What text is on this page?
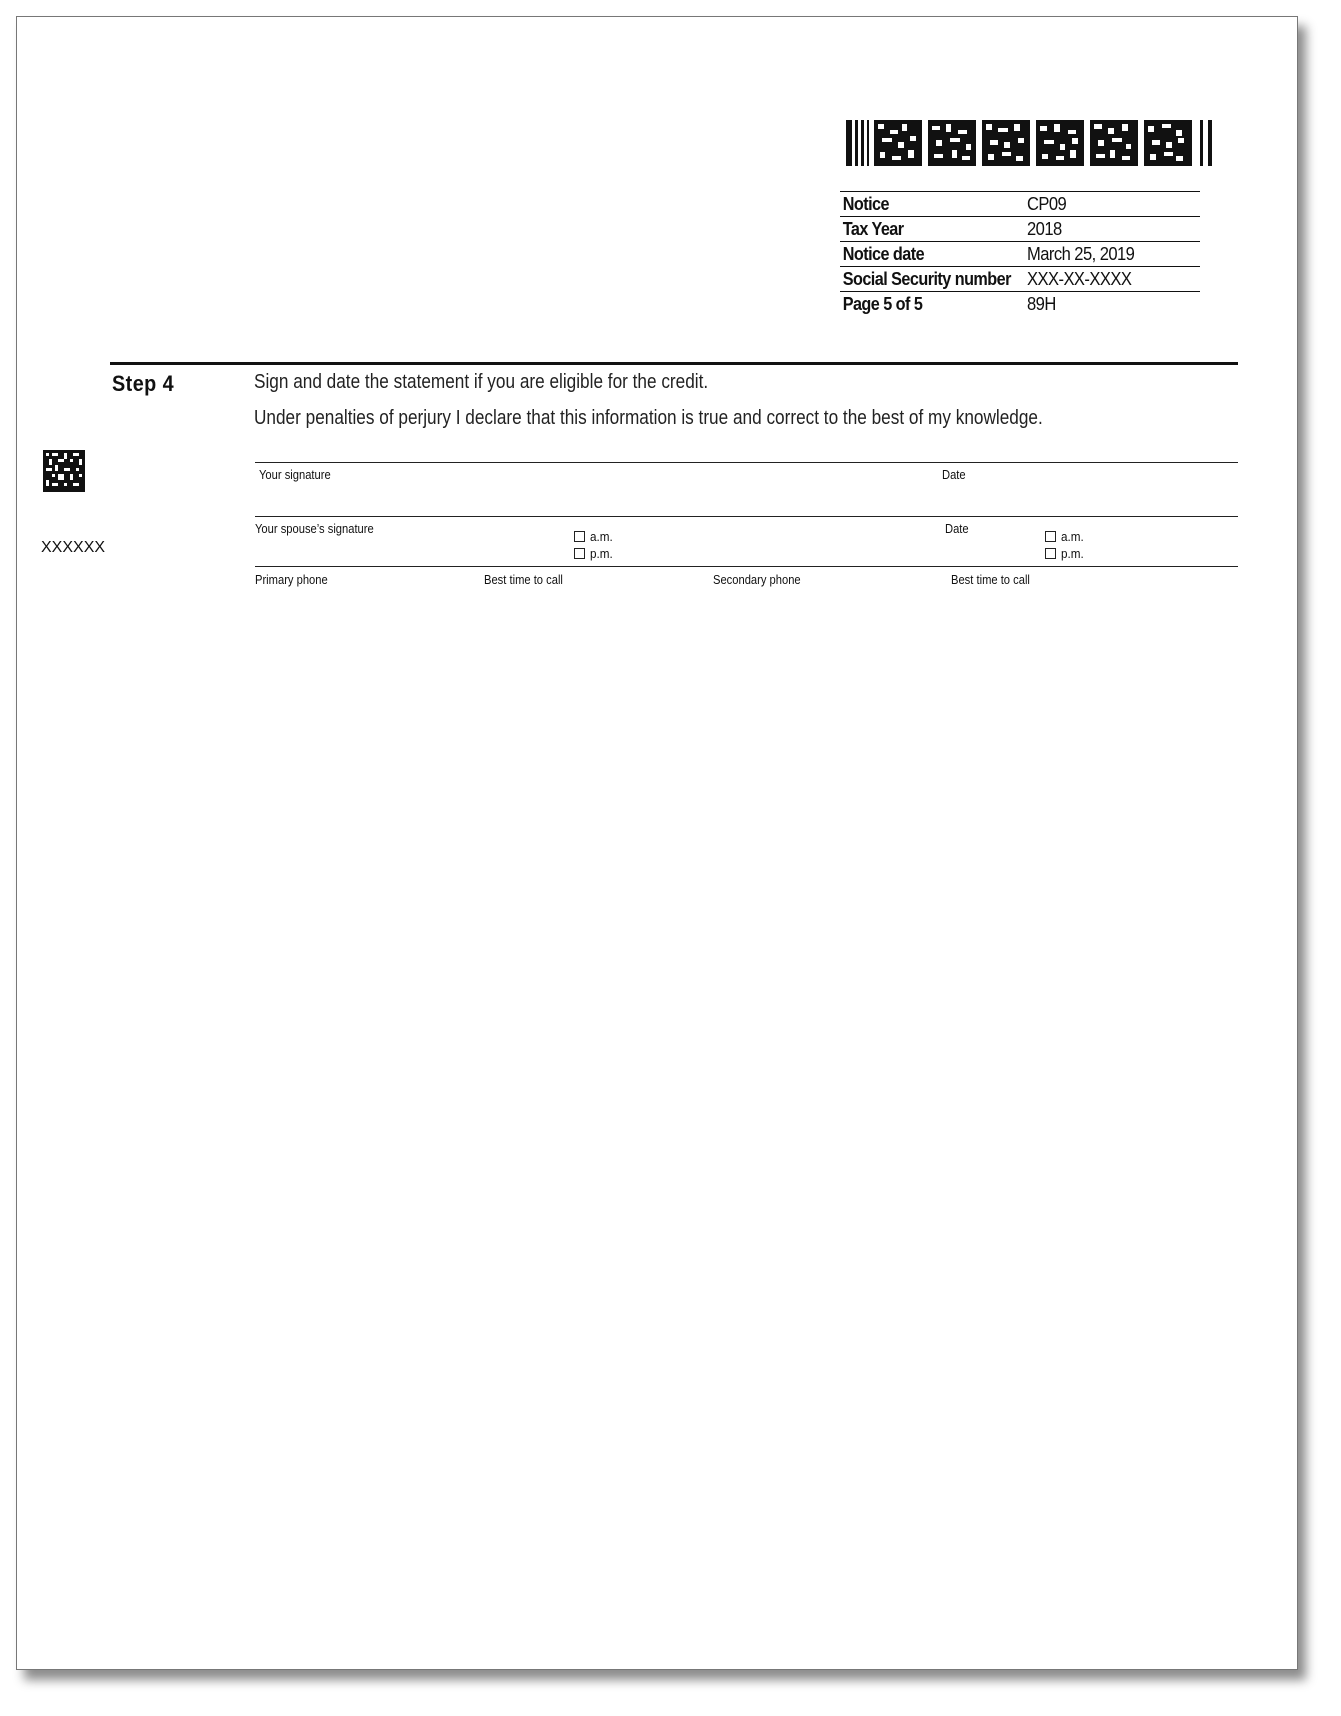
Notice	CP09
Tax Year	2018
Notice date	March 25, 2019
Social Security number XXX-XX-XXXX
Page 5 of 5	89H
Step 4	Sign and date the statement if you are eligible for the credit.
Under penalties of perjury I declare that this information is true and correct to the best of my knowledge.
XXXXXX
Your signature	Date
Your spouse’s signature	Date
a.m.
p.m.
a.m.
p.m.
Primary phone	Best time to call	Secondary phone	Best time to call
